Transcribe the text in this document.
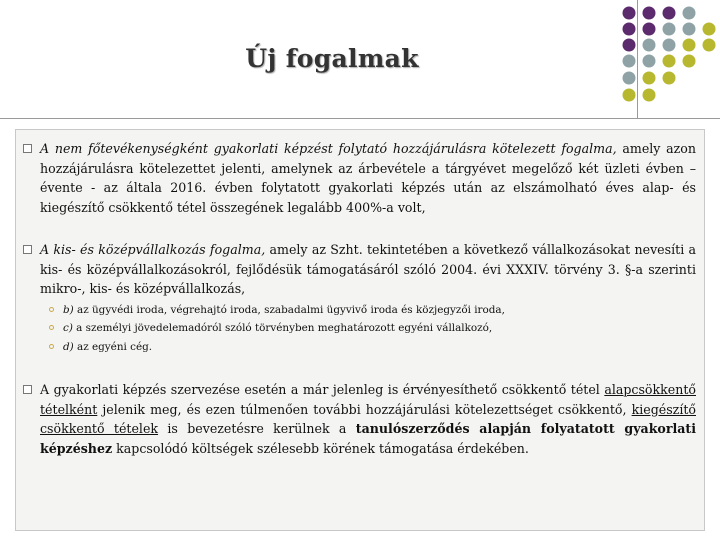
Új fogalmak
A nem főtevékenységként gyakorlati képzést folytató hozzájárulásra kötelezett fogalma, amely azon hozzájárulásra kötelezettet jelenti, amelynek az árbevétele a tárgyévet megelőző két üzleti évben – évente - az általa 2016. évben folytatott gyakorlati képzés után az elszámolható éves alap- és kiegészítő csökkentő tétel összegének legalább 400%-a volt,
A kis- és középvállalkozás fogalma, amely az Szht. tekintetében a következő vállalkozásokat nevesíti a kis- és középvállalkozásokról, fejlődésük támogatásáról szóló 2004. évi XXXIV. törvény 3. §-a szerinti mikro-, kis- és középvállalkozás,
b) az ügyvédi iroda, végrehajtó iroda, szabadalmi ügyvivő iroda és közjegyzői iroda,
c) a személyi jövedelemadóról szóló törvényben meghatározott egyéni vállalkozó,
d) az egyéni cég.
A gyakorlati képzés szervezése esetén a már jelenleg is érvényesíthető csökkentő tétel alapcsökkentő tételként jelenik meg, és ezen túlmenően további hozzájárulási kötelezettséget csökkentő, kiegészítő csökkentő tételek is bevezetésre kerülnek a tanulószerződés alapján folyatatott gyakorlati képzéshez kapcsolódó költségek szélesebb körének támogatása érdekében.
